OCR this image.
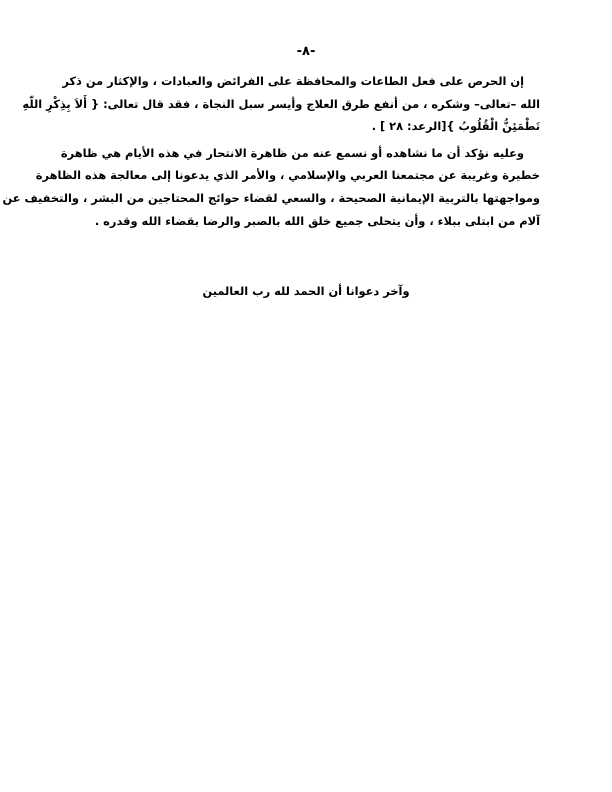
-٨-
إن الحرص على فعل الطاعات والمحافظة على الفرائض والعبادات ، والإكثار من ذكر
الله –تعالى– وشكره ، من أنفع طرق العلاج وأيسر سبل النجاة ، فقد قال تعالى: { أَلاَ بِذِكْرِ اللّهِ
تَطْمَئِنُّ الْقُلُوبُ }[الرعد: ٢٨ ] .
وعليه نؤكد أن ما نشاهده أو نسمع عنه من ظاهرة الانتحار في هذه الأيام هي ظاهرة
خطيرة وغريبة عن مجتمعنا العربي والإسلامي ، والأمر الذي يدعونا إلى معالجة هذه الظاهرة
ومواجهتها بالتربية الإيمانية الصحيحة ، والسعي لقضاء حوائج المحتاجين من البشر ، والتخفيف عن
آلام من ابتلى ببلاء ، وأن يتحلى جميع خلق الله بالصبر والرضا بقضاء الله وقدره .
وآخر دعوانا أن الحمد لله رب العالمين
